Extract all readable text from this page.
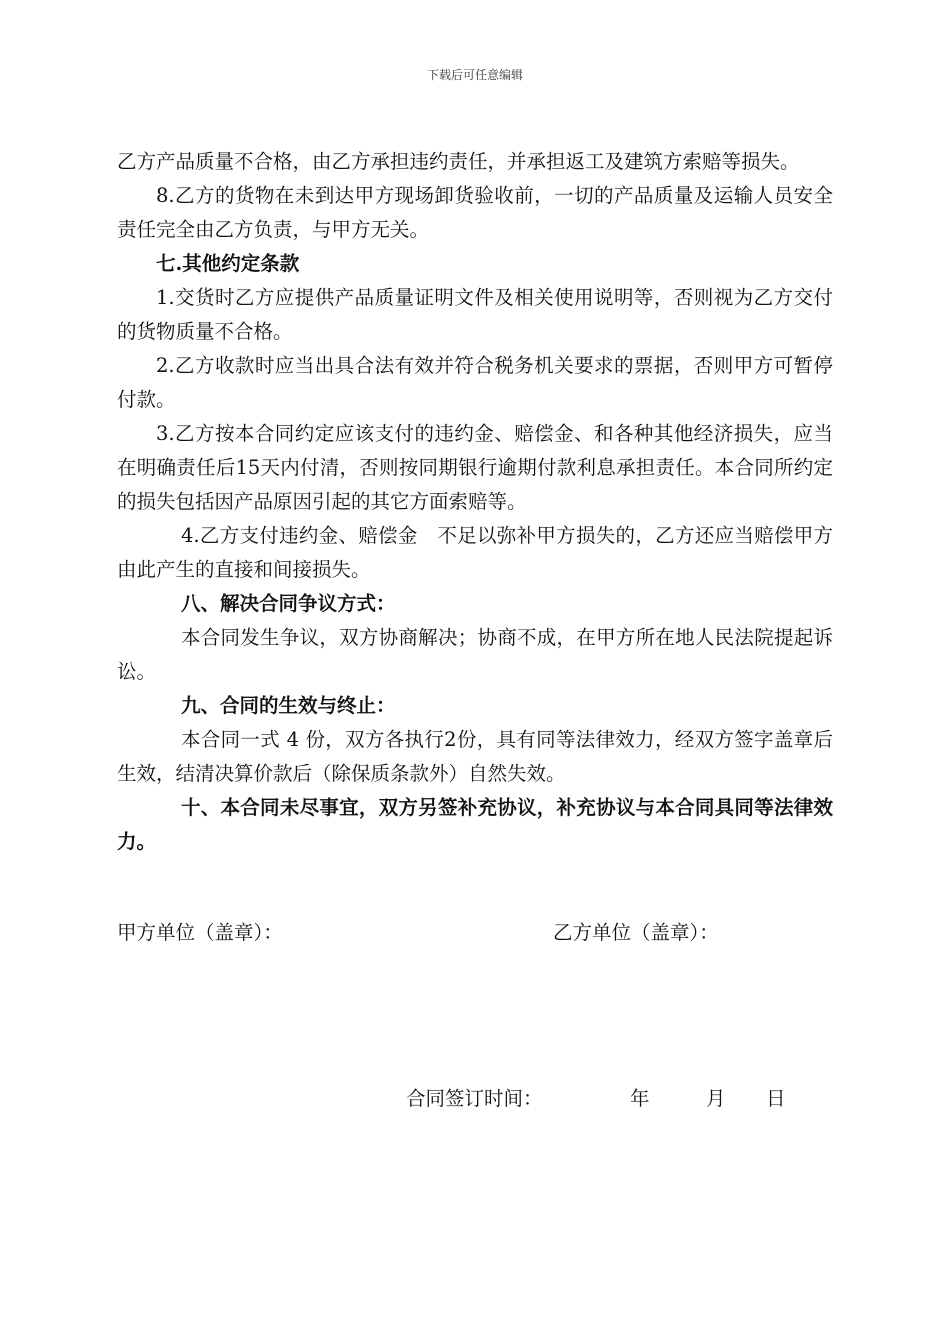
下载后可任意编辑

乙方产品质量不合格，由乙方承担违约责任，并承担返工及建筑方索赔等损失。

8.乙方的货物在未到达甲方现场卸货验收前，一切的产品质量及运输人员安全责任完全由乙方负责，与甲方无关。

七.其他约定条款

1.交货时乙方应提供产品质量证明文件及相关使用说明等，否则视为乙方交付的货物质量不合格。

2.乙方收款时应当出具合法有效并符合税务机关要求的票据，否则甲方可暂停付款。

3.乙方按本合同约定应该支付的违约金、赔偿金、和各种其他经济损失，应当在明确责任后15天内付清，否则按同期银行逾期付款利息承担责任。本合同所约定的损失包括因产品原因引起的其它方面索赔等。

4.乙方支付违约金、赔偿金　不足以弥补甲方损失的，乙方还应当赔偿甲方由此产生的直接和间接损失。

八、解决合同争议方式：

本合同发生争议，双方协商解决；协商不成，在甲方所在地人民法院提起诉讼。

九、合同的生效与终止：

本合同一式 4 份，双方各执行2份，具有同等法律效力，经双方签字盖章后生效，结清决算价款后（除保质条款外）自然失效。

十、本合同未尽事宜，双方另签补充协议，补充协议与本合同具同等法律效力。

甲方单位（盖章）：	乙方单位（盖章）：
合同签订时间：	年	月 日
